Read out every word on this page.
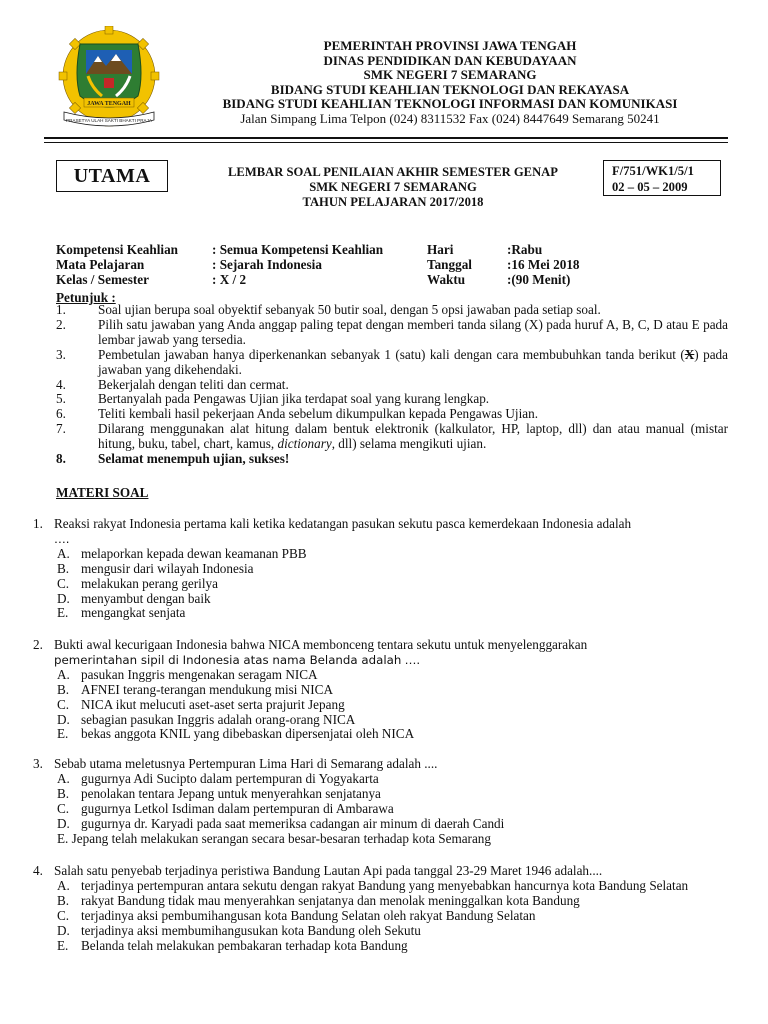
JAWA TENGAH
PRASETYA ULAH SAKTI BHAKTI PRAJA
PEMERINTAH PROVINSI JAWA TENGAH
DINAS PENDIDIKAN DAN KEBUDAYAAN
SMK NEGERI 7 SEMARANG
BIDANG STUDI KEAHLIAN TEKNOLOGI DAN REKAYASA
BIDANG STUDI KEAHLIAN TEKNOLOGI INFORMASI DAN KOMUNIKASI
Jalan Simpang Lima Telpon (024) 8311532 Fax (024) 8447649 Semarang 50241
UTAMA	LEMBAR SOAL PENILAIAN AKHIR SEMESTER GENAP
SMK NEGERI 7 SEMARANG
TAHUN PELAJARAN 2017/2018
F/751/WK1/5/1
02 – 05 – 2009
Kompetensi Keahlian	: Semua Kompetensi Keahlian	Hari	:Rabu
Mata Pelajaran	: Sejarah Indonesia	Tanggal	:16 Mei 2018
Kelas / Semester	: X / 2	Waktu	:(90 Menit)
Petunjuk :
1. Soal ujian berupa soal obyektif sebanyak 50 butir soal, dengan 5 opsi jawaban pada setiap soal.
2. Pilih satu jawaban yang Anda anggap paling tepat dengan memberi tanda silang (X) pada huruf A, B, C, D atau E pada lembar jawab yang tersedia.
3. Pembetulan jawaban hanya diperkenankan sebanyak 1 (satu) kali dengan cara membubuhkan tanda berikut (X) pada jawaban yang dikehendaki.
4. Bekerjalah dengan teliti dan cermat.
5. Bertanyalah pada Pengawas Ujian jika terdapat soal yang kurang lengkap.
6. Teliti kembali hasil pekerjaan Anda sebelum dikumpulkan kepada Pengawas Ujian.
7. Dilarang menggunakan alat hitung dalam bentuk elektronik (kalkulator, HP, laptop, dll) dan atau manual (mistar hitung, buku, tabel, chart, kamus, dictionary, dll) selama mengikuti ujian.
8. Selamat menempuh ujian, sukses!
MATERI SOAL
1. Reaksi rakyat Indonesia pertama kali ketika kedatangan pasukan sekutu pasca kemerdekaan Indonesia adalah
….
A. melaporkan kepada dewan keamanan PBB
B. mengusir dari wilayah Indonesia
C. melakukan perang gerilya
D. menyambut dengan baik
E. mengangkat senjata
2. Bukti awal kecurigaan Indonesia bahwa NICA membonceng tentara sekutu untuk menyelenggarakan
pemerintahan sipil di Indonesia atas nama Belanda adalah ….
A. pasukan Inggris mengenakan seragam NICA
B. AFNEI terang-terangan mendukung misi NICA
C. NICA ikut melucuti aset-aset serta prajurit Jepang
D. sebagian pasukan Inggris adalah orang-orang NICA
E. bekas anggota KNIL yang dibebaskan dipersenjatai oleh NICA
3. Sebab utama meletusnya Pertempuran Lima Hari di Semarang adalah ....
A. gugurnya Adi Sucipto dalam pertempuran di Yogyakarta
B. penolakan tentara Jepang untuk menyerahkan senjatanya
C. gugurnya Letkol Isdiman dalam pertempuran di Ambarawa
D. gugurnya dr. Karyadi pada saat memeriksa cadangan air minum di daerah Candi
E. Jepang telah melakukan serangan secara besar-besaran terhadap kota Semarang
4. Salah satu penyebab terjadinya peristiwa Bandung Lautan Api pada tanggal 23-29 Maret 1946 adalah....
A. terjadinya pertempuran antara sekutu dengan rakyat Bandung yang menyebabkan hancurnya kota Bandung Selatan
B. rakyat Bandung tidak mau menyerahkan senjatanya dan menolak meninggalkan kota Bandung
C. terjadinya aksi pembumihangusan kota Bandung Selatan oleh rakyat Bandung Selatan
D. terjadinya aksi membumihangusukan kota Bandung oleh Sekutu
E. Belanda telah melakukan pembakaran terhadap kota Bandung
